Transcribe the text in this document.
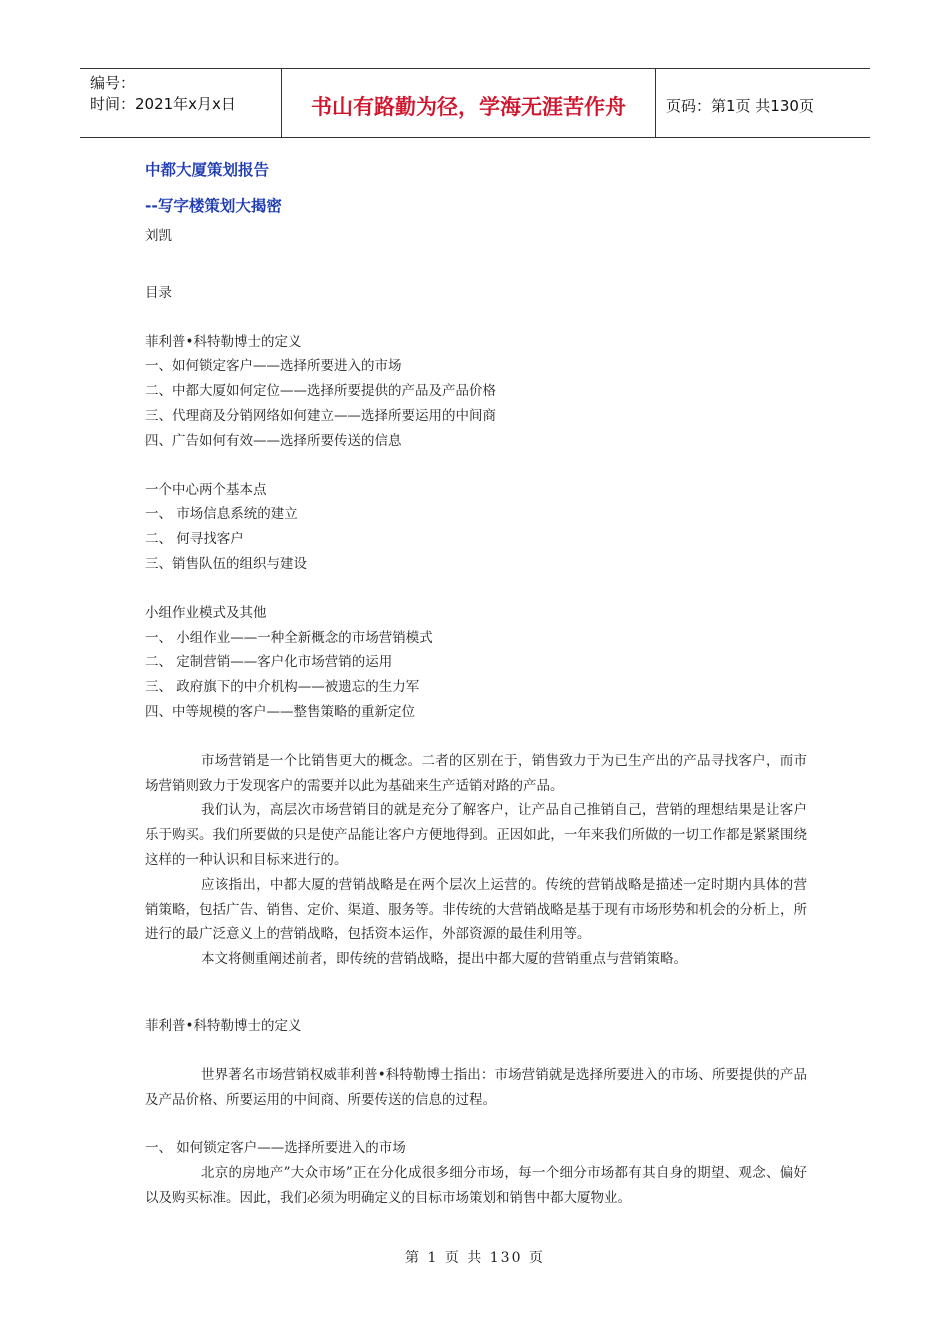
编号：
时间：2021年x月x日	书山有路勤为径，学海无涯苦作舟	页码：第1页 共130页
中都大厦策划报告
--写字楼策划大揭密
刘凯
目录
菲利普•科特勒博士的定义
一、如何锁定客户——选择所要进入的市场
二、中都大厦如何定位——选择所要提供的产品及产品价格
三、代理商及分销网络如何建立——选择所要运用的中间商
四、广告如何有效——选择所要传送的信息
一个中心两个基本点
一、 市场信息系统的建立
二、 何寻找客户
三、销售队伍的组织与建设
小组作业模式及其他
一、 小组作业——一种全新概念的市场营销模式
二、 定制营销——客户化市场营销的运用
三、 政府旗下的中介机构——被遗忘的生力军
四、中等规模的客户——整售策略的重新定位
市场营销是一个比销售更大的概念。二者的区别在于，销售致力于为已生产出的产品寻找客户，而市场营销则致力于发现客户的需要并以此为基础来生产适销对路的产品。
我们认为，高层次市场营销目的就是充分了解客户，让产品自己推销自己，营销的理想结果是让客户乐于购买。我们所要做的只是使产品能让客户方便地得到。正因如此，一年来我们所做的一切工作都是紧紧围绕这样的一种认识和目标来进行的。
应该指出，中都大厦的营销战略是在两个层次上运营的。传统的营销战略是描述一定时期内具体的营销策略，包括广告、销售、定价、渠道、服务等。非传统的大营销战略是基于现有市场形势和机会的分析上，所进行的最广泛意义上的营销战略，包括资本运作，外部资源的最佳利用等。
本文将侧重阐述前者，即传统的营销战略，提出中都大厦的营销重点与营销策略。
菲利普•科特勒博士的定义
世界著名市场营销权威菲利普•科特勒博士指出：市场营销就是选择所要进入的市场、所要提供的产品及产品价格、所要运用的中间商、所要传送的信息的过程。
一、 如何锁定客户——选择所要进入的市场
北京的房地产”大众市场”正在分化成很多细分市场，每一个细分市场都有其自身的期望、观念、偏好以及购买标准。因此，我们必须为明确定义的目标市场策划和销售中都大厦物业。
第 1 页 共 130 页
